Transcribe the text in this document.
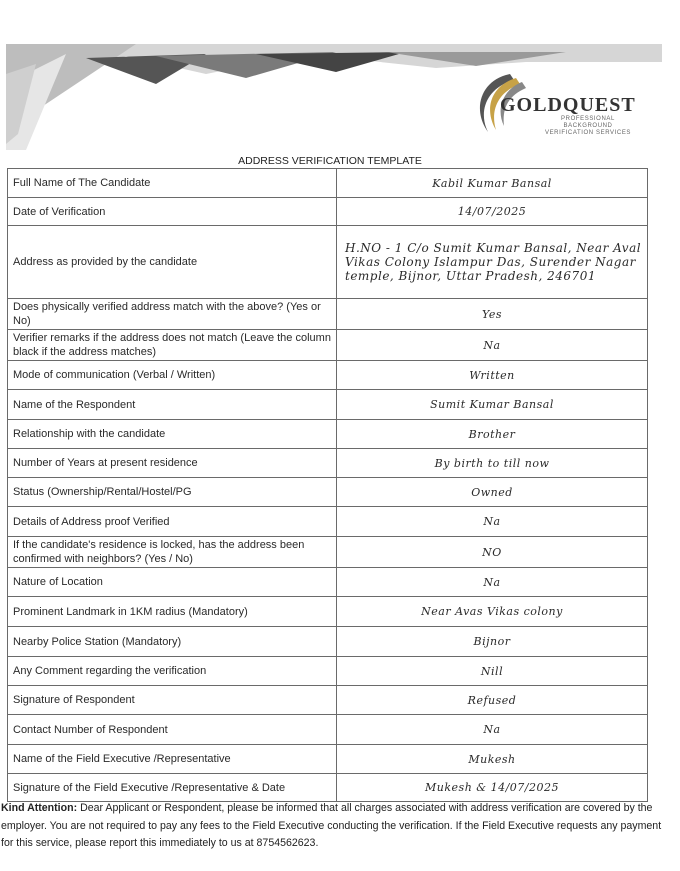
GOLDQUEST
PROFESSIONAL BACKGROUND VERIFICATION SERVICES
ADDRESS VERIFICATION TEMPLATE
Full Name of The Candidate	Kabil Kumar Bansal
Date of Verification	14/07/2025
Address as provided by the candidate	H.NO - 1 C/o Sumit Kumar Bansal, Near Aval Vikas Colony Islampur Das, Surender Nagar temple, Bijnor, Uttar Pradesh, 246701
Does physically verified address match with the above? (Yes or No)	Yes
Verifier remarks if the address does not match (Leave the column black if the address matches)	Na
Mode of communication (Verbal / Written)	Written
Name of the Respondent	Sumit Kumar Bansal
Relationship with the candidate	Brother
Number of Years at present residence	By birth to till now
Status (Ownership/Rental/Hostel/PG	Owned
Details of Address proof Verified	Na
If the candidate's residence is locked, has the address been confirmed with neighbors? (Yes / No)	NO
Nature of Location	Na
Prominent Landmark in 1KM radius (Mandatory)	Near Avas Vikas colony
Nearby Police Station (Mandatory)	Bijnor
Any Comment regarding the verification	Nill
Signature of Respondent	Refused
Contact Number of Respondent	Na
Name of the Field Executive /Representative	Mukesh
Signature of the Field Executive /Representative & Date	Mukesh & 14/07/2025
Kind Attention: Dear Applicant or Respondent, please be informed that all charges associated with address verification are covered by the employer. You are not required to pay any fees to the Field Executive conducting the verification. If the Field Executive requests any payment for this service, please report this immediately to us at 8754562623.
